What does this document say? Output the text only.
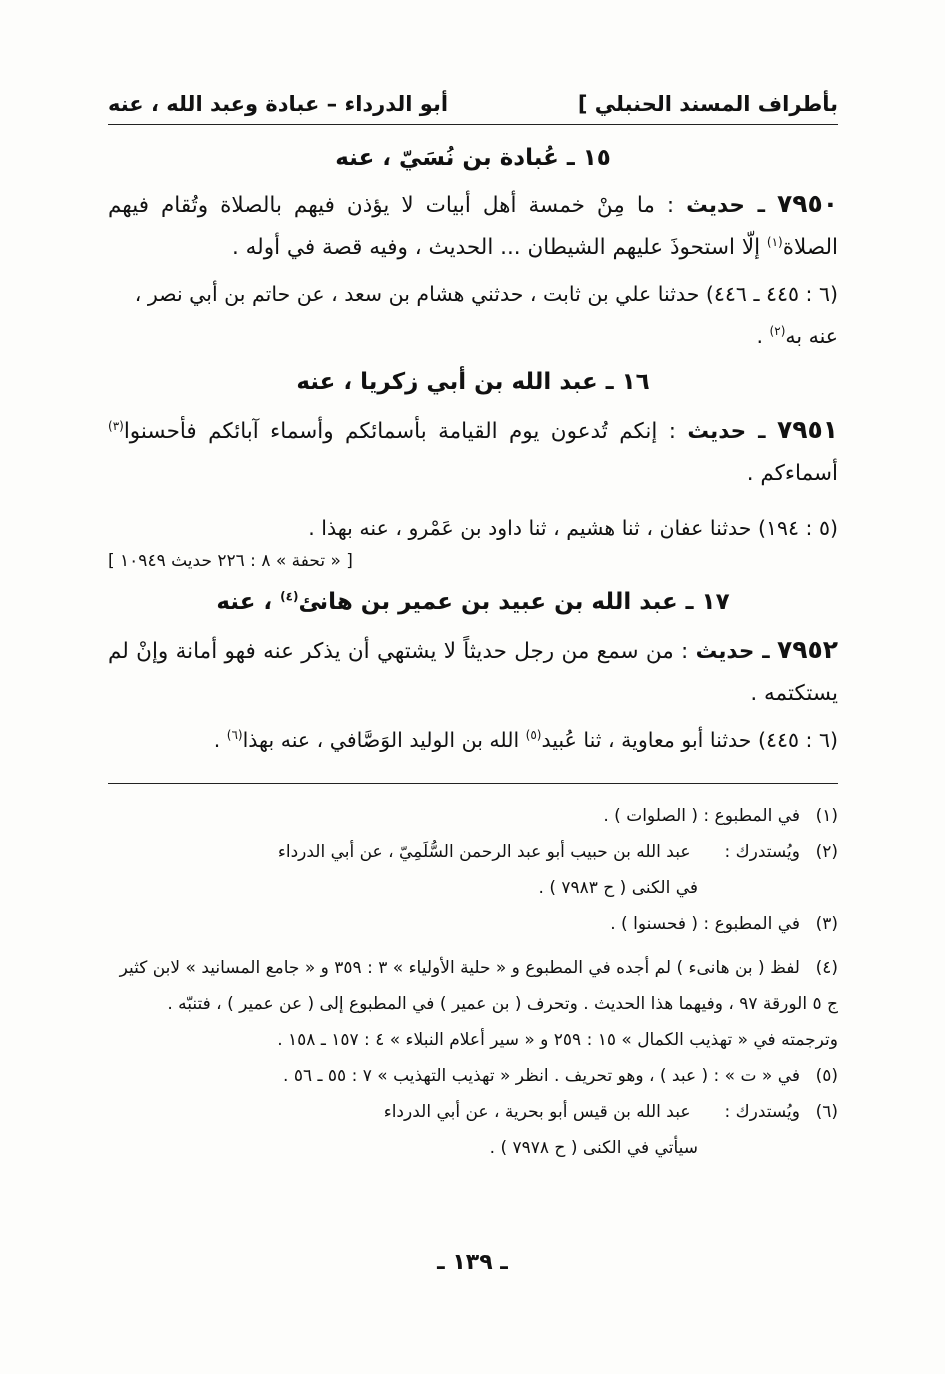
بأطراف المسند الحنبلي ]
أبو الدرداء – عبادة وعبد الله ، عنه
١٥ ـ عُبادة بن نُسَيّ ، عنه

٧٩٥٠ ـ حديث : ما مِنْ خمسة أهل أبيات لا يؤذن فيهم بالصلاة وتُقام فيهم الصلاة$^{(١)}$ إلّا استحوذَ عليهم الشيطان ... الحديث ، وفيه قصة في أوله .

(٦ : ٤٤٥ ـ ٤٤٦) حدثنا علي بن ثابت ، حدثني هشام بن سعد ، عن حاتم بن أبي نصر ، عنه به$^{(٢)}$ .

١٦ ـ عبد الله بن أبي زكريا ، عنه

٧٩٥١ ـ حديث : إنكم تُدعون يوم القيامة بأسمائكم وأسماء آبائكم فأحسنوا$^{(٣)}$ أسماءكم .

(٥ : ١٩٤) حدثنا عفان ، ثنا هشيم ، ثنا داود بن عَمْرو ، عنه بهذا .

[ « تحفة » ٨ : ٢٢٦ حديث ١٠٩٤٩ ]

١٧ ـ عبد الله بن عبيد بن عمير بن هانئ$^{(٤)}$ ، عنه

٧٩٥٢ ـ حديث : من سمع من رجل حديثاً لا يشتهي أن يذكر عنه فهو أمانة وإنْ لم يستكتمه .

(٦ : ٤٤٥) حدثنا أبو معاوية ، ثنا عُبيد$^{(٥)}$ الله بن الوليد الوَصَّافي ، عنه بهذا$^{(٦)}$ .

(١)
في المطبوع : ( الصلوات ) .
(٢)
ويُستدرك :عبد الله بن حبيب أبو عبد الرحمن السُّلَمِيّ ، عن أبي الدرداء
في الكنى ( ح ٧٩٨٣ ) .
(٣)
في المطبوع : ( فحسنوا ) .
(٤)
لفظ ( بن هانىء ) لم أجده في المطبوع و « حلية الأولياء » ٣ : ٣٥٩ و « جامع المسانيد » لابن كثير
ج ٥ الورقة ٩٧ ، وفيهما هذا الحديث . وتحرف ( بن عمير ) في المطبوع إلى ( عن عمير ) ، فتنبّه .
وترجمته في « تهذيب الكمال » ١٥ : ٢٥٩ و « سير أعلام النبلاء » ٤ : ١٥٧ ـ ١٥٨ .
(٥)
في « ت » : ( عبد ) ، وهو تحريف . انظر « تهذيب التهذيب » ٧ : ٥٥ ـ ٥٦ .
(٦)
ويُستدرك :عبد الله بن قيس أبو بحرية ، عن أبي الدرداء
سيأتي في الكنى ( ح ٧٩٧٨ ) .
ـ ١٣٩ ـ
